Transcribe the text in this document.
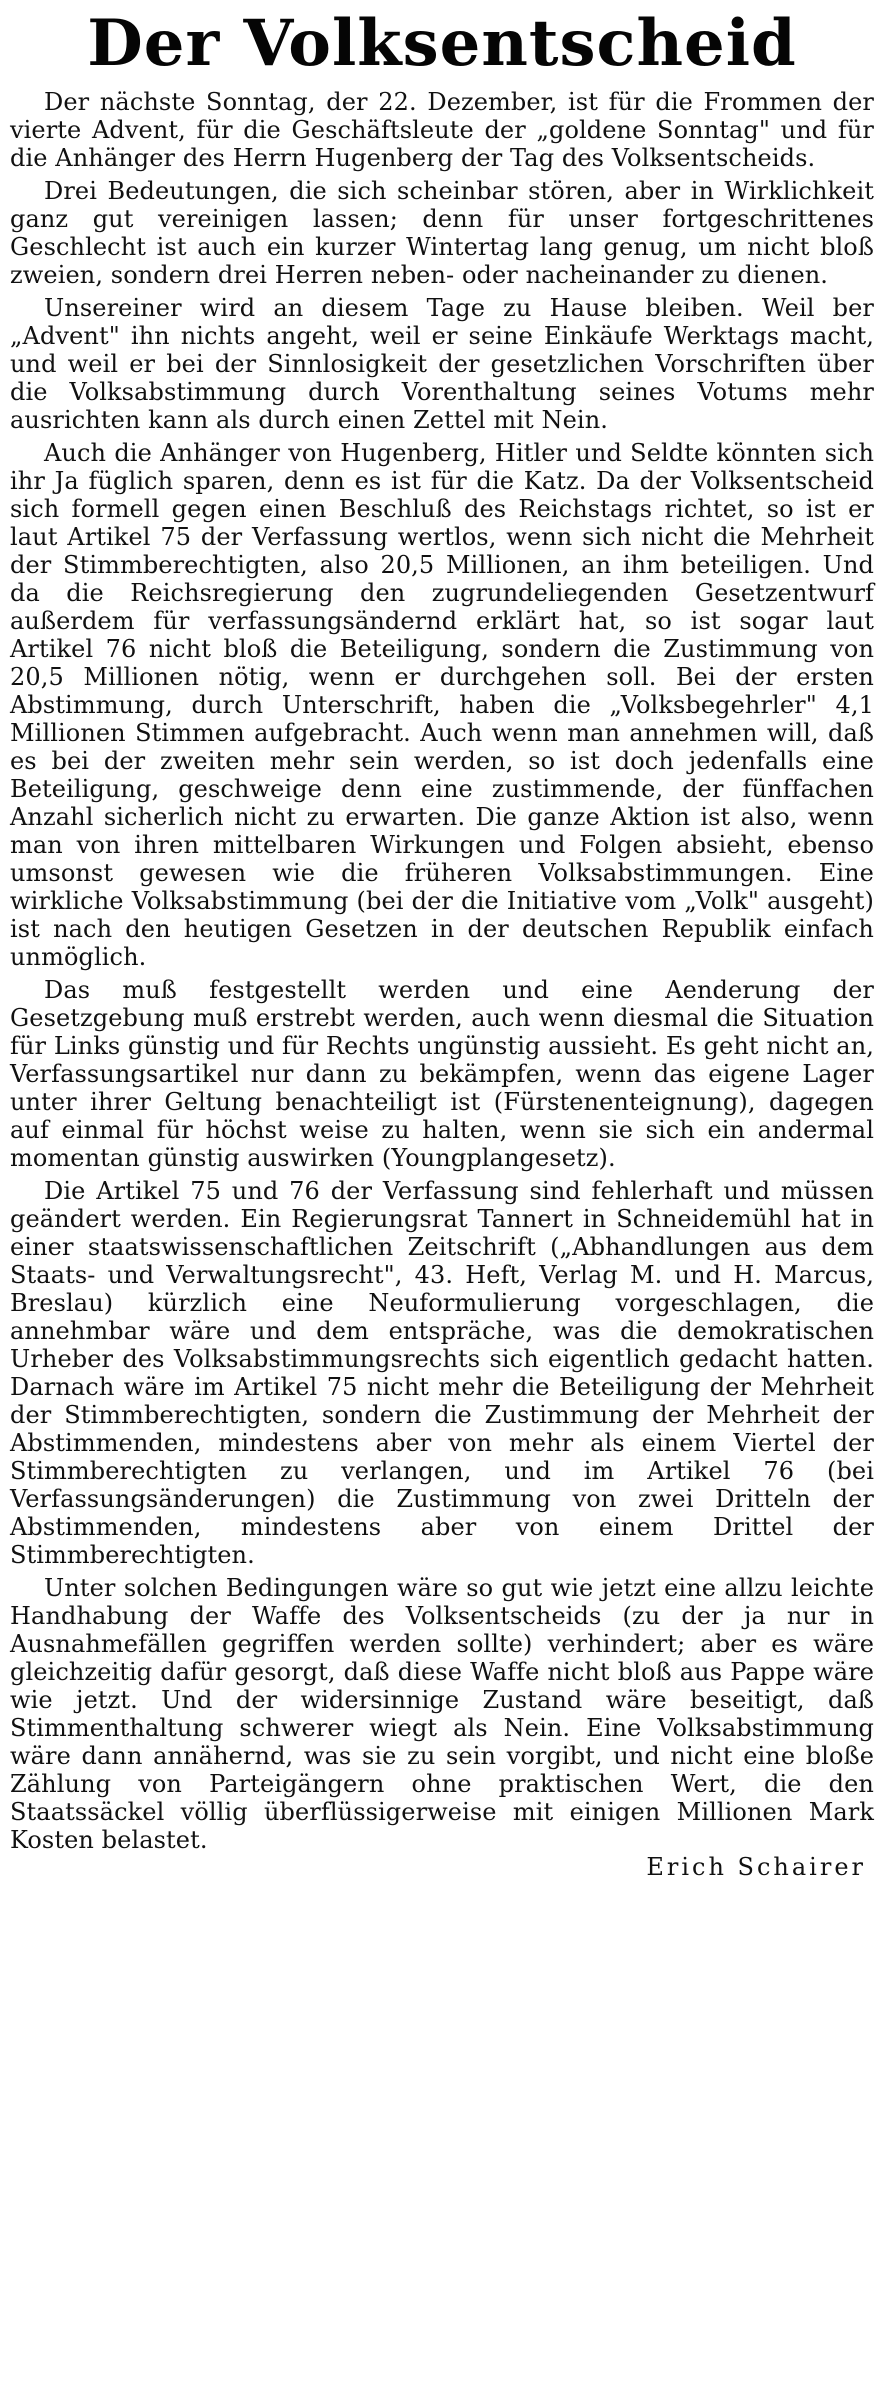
Der Volksentscheid

Der nächste Sonntag, der 22. Dezember, ist für die Frommen der vierte Advent, für die Geschäftsleute der „goldene Sonntag" und für die Anhänger des Herrn Hugenberg der Tag des Volksentscheids.

Drei Bedeutungen, die sich scheinbar stören, aber in Wirklichkeit ganz gut vereinigen lassen; denn für unser fortgeschrittenes Geschlecht ist auch ein kurzer Wintertag lang genug, um nicht bloß zweien, sondern drei Herren neben- oder nacheinander zu dienen.

Unsereiner wird an diesem Tage zu Hause bleiben. Weil ber „Advent" ihn nichts angeht, weil er seine Einkäufe Werktags macht, und weil er bei der Sinnlosigkeit der gesetzlichen Vorschriften über die Volksabstimmung durch Vorenthaltung seines Votums mehr ausrichten kann als durch einen Zettel mit Nein.

Auch die Anhänger von Hugenberg, Hitler und Seldte könnten sich ihr Ja füglich sparen, denn es ist für die Katz. Da der Volksentscheid sich formell gegen einen Beschluß des Reichstags richtet, so ist er laut Artikel 75 der Verfassung wertlos, wenn sich nicht die Mehrheit der Stimmberechtigten, also 20,5 Millionen, an ihm beteiligen. Und da die Reichsregierung den zugrundeliegenden Gesetzentwurf außerdem für verfassungsändernd erklärt hat, so ist sogar laut Artikel 76 nicht bloß die Beteiligung, sondern die Zustimmung von 20,5 Millionen nötig, wenn er durchgehen soll. Bei der ersten Abstimmung, durch Unterschrift, haben die „Volksbegehrler" 4,1 Millionen Stimmen aufgebracht. Auch wenn man annehmen will, daß es bei der zweiten mehr sein werden, so ist doch jedenfalls eine Beteiligung, geschweige denn eine zustimmende, der fünffachen Anzahl sicherlich nicht zu erwarten. Die ganze Aktion ist also, wenn man von ihren mittelbaren Wirkungen und Folgen absieht, ebenso umsonst gewesen wie die früheren Volksabstimmungen. Eine wirkliche Volksabstimmung (bei der die Initiative vom „Volk" ausgeht) ist nach den heutigen Gesetzen in der deutschen Republik einfach unmöglich.

Das muß festgestellt werden und eine Aenderung der Gesetzgebung muß erstrebt werden, auch wenn diesmal die Situation für Links günstig und für Rechts ungünstig aussieht. Es geht nicht an, Verfassungsartikel nur dann zu bekämpfen, wenn das eigene Lager unter ihrer Geltung benachteiligt ist (Fürstenenteignung), dagegen auf einmal für höchst weise zu halten, wenn sie sich ein andermal momentan günstig auswirken (Youngplangesetz).

Die Artikel 75 und 76 der Verfassung sind fehlerhaft und müssen geändert werden. Ein Regierungsrat Tannert in Schneidemühl hat in einer staatswissenschaftlichen Zeitschrift („Abhandlungen aus dem Staats- und Verwaltungsrecht", 43. Heft, Verlag M. und H. Marcus, Breslau) kürzlich eine Neuformulierung vorgeschlagen, die annehmbar wäre und dem entspräche, was die demokratischen Urheber des Volksabstimmungsrechts sich eigentlich gedacht hatten. Darnach wäre im Artikel 75 nicht mehr die Beteiligung der Mehrheit der Stimmberechtigten, sondern die Zustimmung der Mehrheit der Abstimmenden, mindestens aber von mehr als einem Viertel der Stimmberechtigten zu verlangen, und im Artikel 76 (bei Verfassungsänderungen) die Zustimmung von zwei Dritteln der Abstimmenden, mindestens aber von einem Drittel der Stimmberechtigten.

Unter solchen Bedingungen wäre so gut wie jetzt eine allzu leichte Handhabung der Waffe des Volksentscheids (zu der ja nur in Ausnahmefällen gegriffen werden sollte) verhindert; aber es wäre gleichzeitig dafür gesorgt, daß diese Waffe nicht bloß aus Pappe wäre wie jetzt. Und der widersinnige Zustand wäre beseitigt, daß Stimmenthaltung schwerer wiegt als Nein. Eine Volksabstimmung wäre dann annähernd, was sie zu sein vorgibt, und nicht eine bloße Zählung von Parteigängern ohne praktischen Wert, die den Staatssäckel völlig überflüssigerweise mit einigen Millionen Mark Kosten belastet.

Erich Schairer
